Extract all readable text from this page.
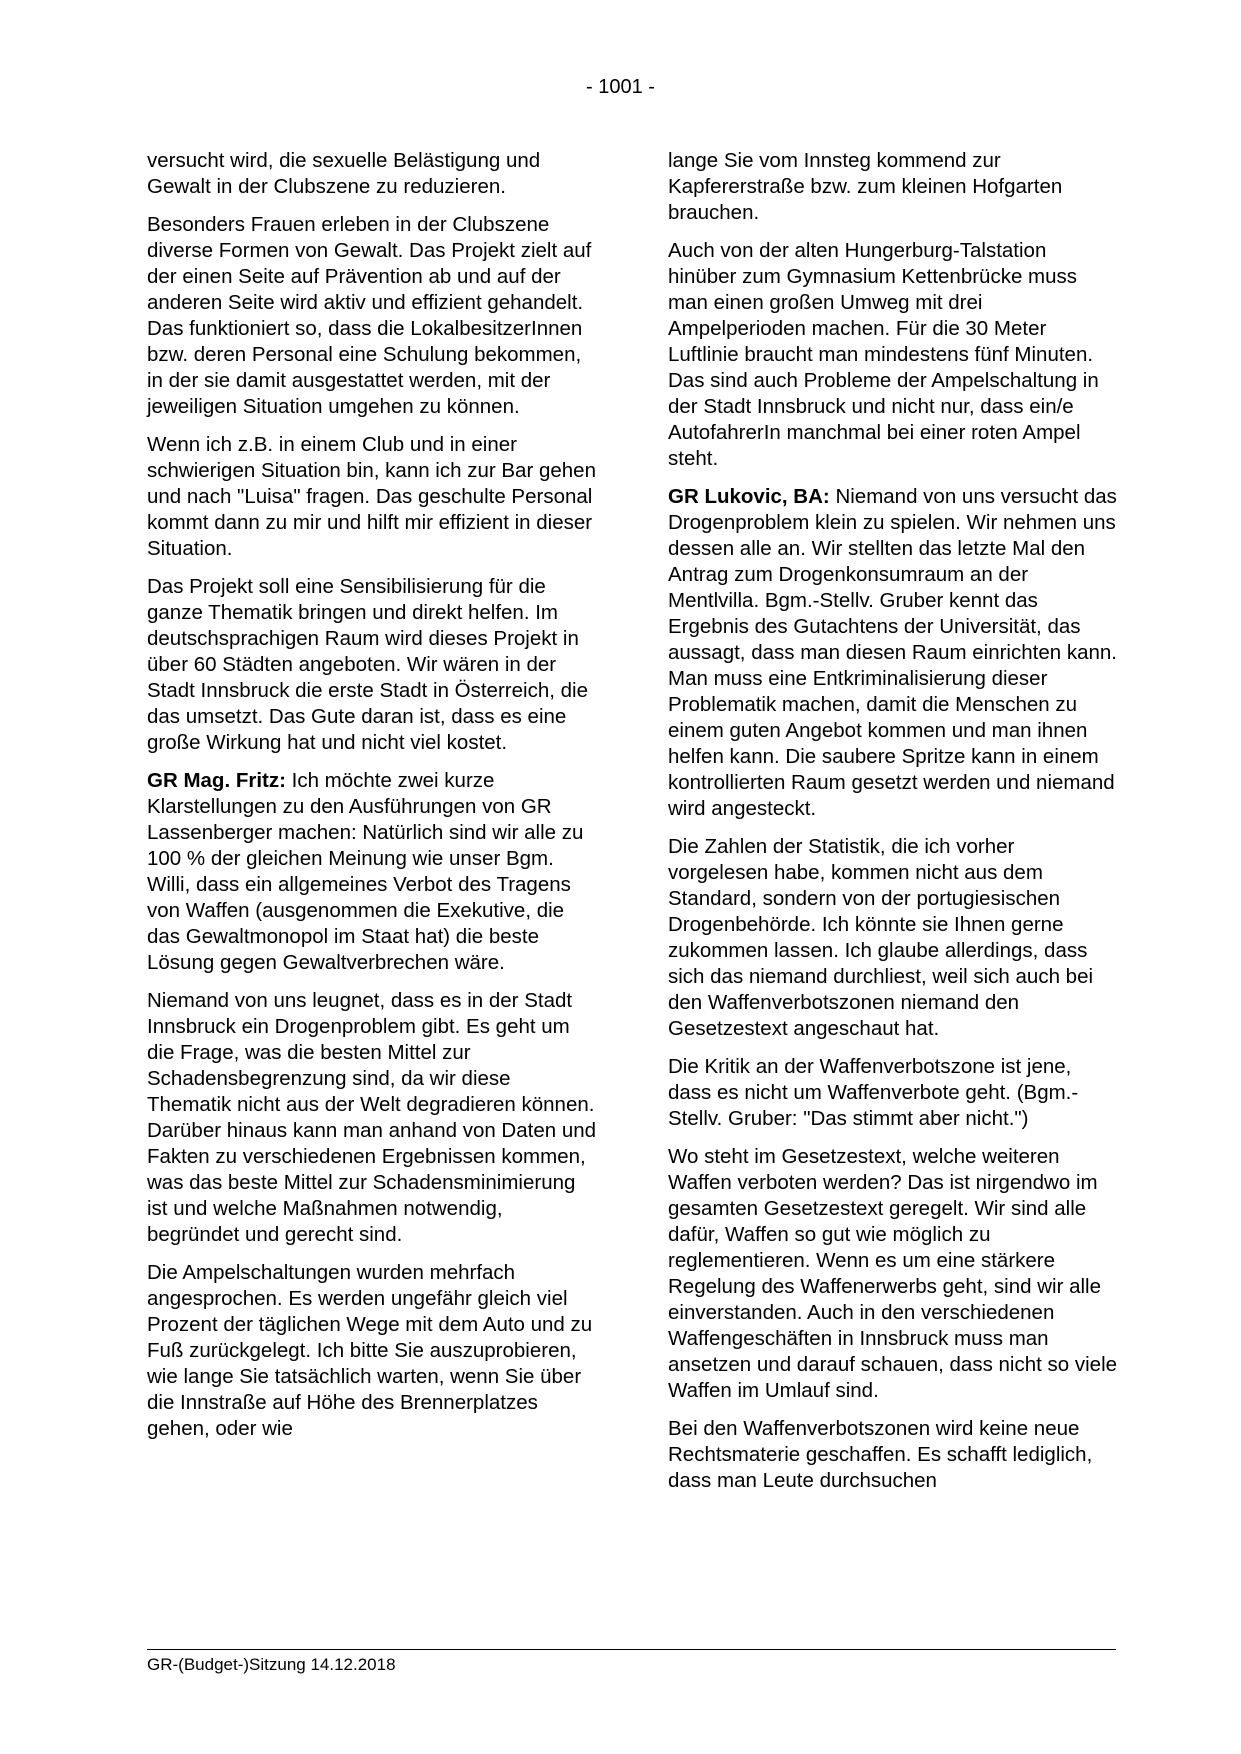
- 1001 -

versucht wird, die sexuelle Belästigung und Gewalt in der Clubszene zu reduzieren.

Besonders Frauen erleben in der Clubszene diverse Formen von Gewalt. Das Projekt zielt auf der einen Seite auf Prävention ab und auf der anderen Seite wird aktiv und effizient gehandelt. Das funktioniert so, dass die LokalbesitzerInnen bzw. deren Personal eine Schulung bekommen, in der sie damit ausgestattet werden, mit der jeweiligen Situation umgehen zu können.

Wenn ich z.B. in einem Club und in einer schwierigen Situation bin, kann ich zur Bar gehen und nach "Luisa" fragen. Das geschulte Personal kommt dann zu mir und hilft mir effizient in dieser Situation.

Das Projekt soll eine Sensibilisierung für die ganze Thematik bringen und direkt helfen. Im deutschsprachigen Raum wird dieses Projekt in über 60 Städten angeboten. Wir wären in der Stadt Innsbruck die erste Stadt in Österreich, die das umsetzt. Das Gute daran ist, dass es eine große Wirkung hat und nicht viel kostet.

GR Mag. Fritz: Ich möchte zwei kurze Klarstellungen zu den Ausführungen von GR Lassenberger machen: Natürlich sind wir alle zu 100 % der gleichen Meinung wie unser Bgm. Willi, dass ein allgemeines Verbot des Tragens von Waffen (ausgenommen die Exekutive, die das Gewaltmonopol im Staat hat) die beste Lösung gegen Gewaltverbrechen wäre.

Niemand von uns leugnet, dass es in der Stadt Innsbruck ein Drogenproblem gibt. Es geht um die Frage, was die besten Mittel zur Schadensbegrenzung sind, da wir diese Thematik nicht aus der Welt degradieren können. Darüber hinaus kann man anhand von Daten und Fakten zu verschiedenen Ergebnissen kommen, was das beste Mittel zur Schadensminimierung ist und welche Maßnahmen notwendig, begründet und gerecht sind.

Die Ampelschaltungen wurden mehrfach angesprochen. Es werden ungefähr gleich viel Prozent der täglichen Wege mit dem Auto und zu Fuß zurückgelegt. Ich bitte Sie auszuprobieren, wie lange Sie tatsächlich warten, wenn Sie über die Innstraße auf Höhe des Brennerplatzes gehen, oder wie

lange Sie vom Innsteg kommend zur Kapfererstraße bzw. zum kleinen Hofgarten brauchen.

Auch von der alten Hungerburg-Talstation hinüber zum Gymnasium Kettenbrücke muss man einen großen Umweg mit drei Ampelperioden machen. Für die 30 Meter Luftlinie braucht man mindestens fünf Minuten. Das sind auch Probleme der Ampelschaltung in der Stadt Innsbruck und nicht nur, dass ein/e AutofahrerIn manchmal bei einer roten Ampel steht.

GR Lukovic, BA: Niemand von uns versucht das Drogenproblem klein zu spielen. Wir nehmen uns dessen alle an. Wir stellten das letzte Mal den Antrag zum Drogenkonsumraum an der Mentlvilla. Bgm.-Stellv. Gruber kennt das Ergebnis des Gutachtens der Universität, das aussagt, dass man diesen Raum einrichten kann. Man muss eine Entkriminalisierung dieser Problematik machen, damit die Menschen zu einem guten Angebot kommen und man ihnen helfen kann. Die saubere Spritze kann in einem kontrollierten Raum gesetzt werden und niemand wird angesteckt.

Die Zahlen der Statistik, die ich vorher vorgelesen habe, kommen nicht aus dem Standard, sondern von der portugiesischen Drogenbehörde. Ich könnte sie Ihnen gerne zukommen lassen. Ich glaube allerdings, dass sich das niemand durchliest, weil sich auch bei den Waffenverbotszonen niemand den Gesetzestext angeschaut hat.

Die Kritik an der Waffenverbotszone ist jene, dass es nicht um Waffenverbote geht. (Bgm.-Stellv. Gruber: "Das stimmt aber nicht.")

Wo steht im Gesetzestext, welche weiteren Waffen verboten werden? Das ist nirgendwo im gesamten Gesetzestext geregelt. Wir sind alle dafür, Waffen so gut wie möglich zu reglementieren. Wenn es um eine stärkere Regelung des Waffenerwerbs geht, sind wir alle einverstanden. Auch in den verschiedenen Waffengeschäften in Innsbruck muss man ansetzen und darauf schauen, dass nicht so viele Waffen im Umlauf sind.

Bei den Waffenverbotszonen wird keine neue Rechtsmaterie geschaffen. Es schafft lediglich, dass man Leute durchsuchen

GR-(Budget-)Sitzung 14.12.2018
